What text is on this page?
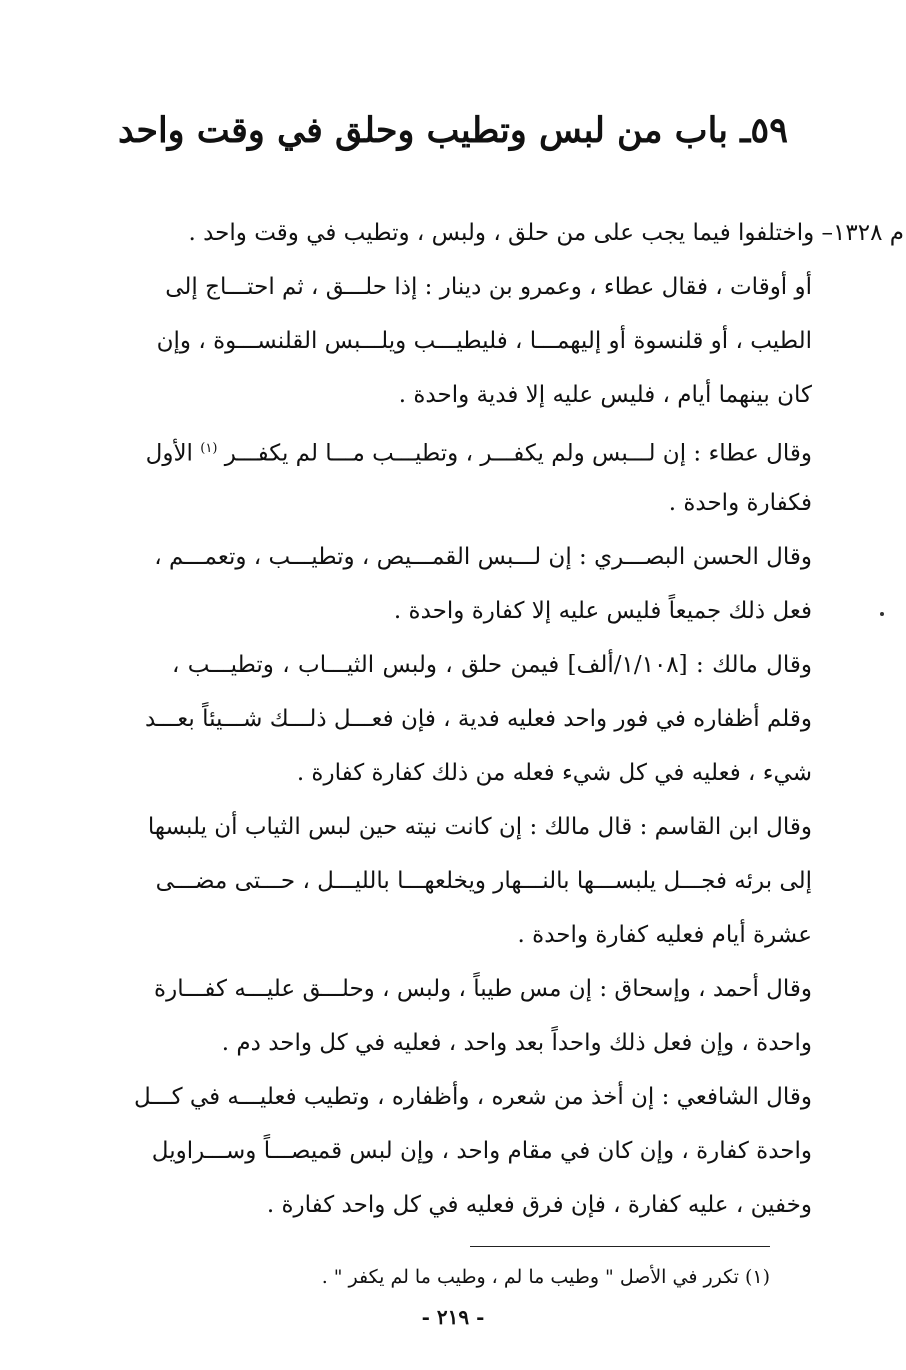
٥٩ـ باب من لبس وتطيب وحلق في وقت واحد
م ١٣٢٨– واختلفوا فيما يجب على من حلق ، ولبس ، وتطيب في وقت واحد .
أو أوقات ، فقال عطاء ، وعمرو بن دينار : إذا حلـــق ، ثم احتـــاج إلى
الطيب ، أو قلنسوة أو إليهمـــا ، فليطيـــب ويلـــبس القلنســـوة ، وإن
كان بينهما أيام ، فليس عليه إلا فدية واحدة .
وقال عطاء : إن لـــبس ولم يكفـــر ، وتطيـــب مـــا لم يكفـــر $^{(١)}$ الأول
فكفارة واحدة .
وقال الحسن البصـــري : إن لـــبس القمـــيص ، وتطيـــب ، وتعمـــم ،
فعل ذلك جميعاً فليس عليه إلا كفارة واحدة .
وقال مالك : [١/١٠٨/ألف] فيمن حلق ، ولبس الثيـــاب ، وتطيـــب ،
وقلم أظفاره في فور واحد فعليه فدية ، فإن فعـــل ذلـــك شـــيئاً بعـــد
شيء ، فعليه في كل شيء فعله من ذلك كفارة كفارة .
وقال ابن القاسم : قال مالك : إن كانت نيته حين لبس الثياب أن يلبسها
إلى برئه فجـــل يلبســـها بالنـــهار ويخلعهـــا بالليـــل ، حـــتى مضـــى
عشرة أيام فعليه كفارة واحدة .
وقال أحمد ، وإسحاق : إن مس طيباً ، ولبس ، وحلـــق عليـــه كفـــارة
واحدة ، وإن فعل ذلك واحداً بعد واحد ، فعليه في كل واحد دم .
وقال الشافعي : إن أخذ من شعره ، وأظفاره ، وتطيب فعليـــه في كـــل
واحدة كفارة ، وإن كان في مقام واحد ، وإن لبس قميصـــاً وســـراويل
وخفين ، عليه كفارة ، فإن فرق فعليه في كل واحد كفارة .
(١) تكرر في الأصل " وطيب ما لم ، وطيب ما لم يكفر " .
- ٢١٩ -
